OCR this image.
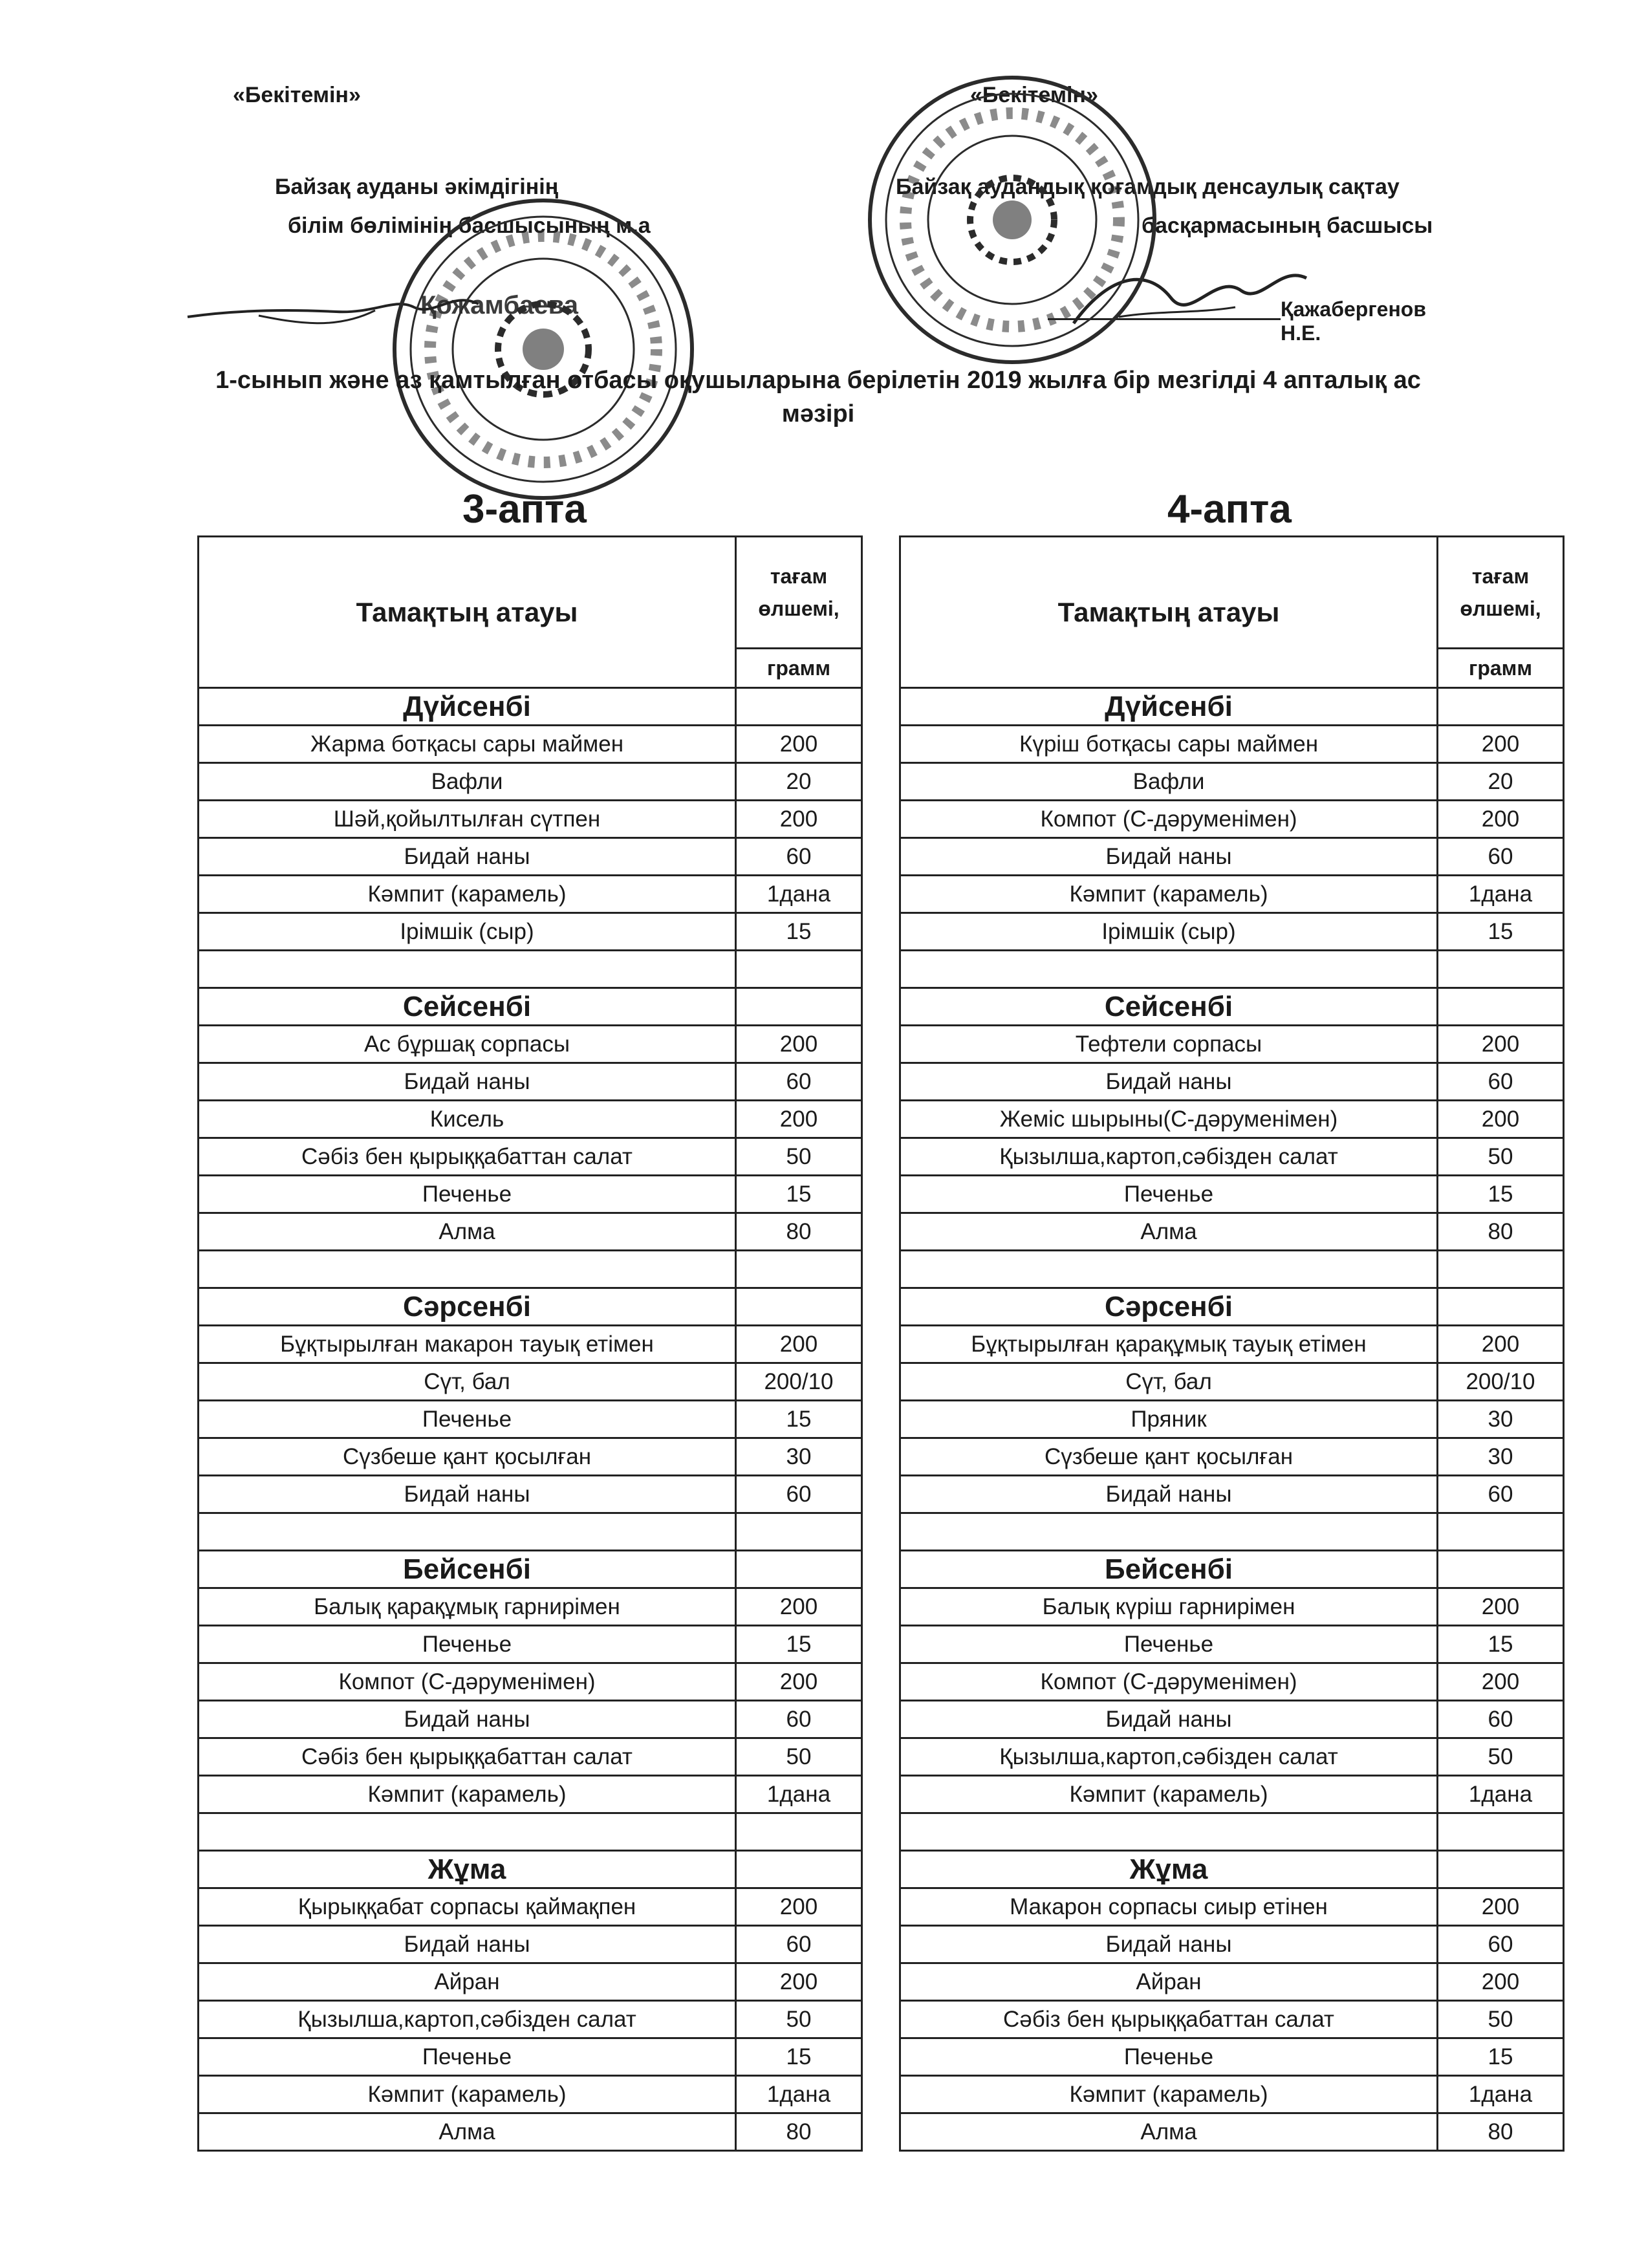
«Бекітемін»
Байзақ ауданы әкімдігінің
білім бөлімінің басшысының м.а
Қожамбаева
«Бекітемін»
Байзақ аудандық қоғамдық денсаулық сақтау
басқармасының басшысы
Қажабергенов Н.Е.
1-сынып және аз қамтылған отбасы оқушыларына берілетін 2019 жылға бір мезгілді 4 апталық ас
мәзірі
3-апта	4-апта
Тамақтың атауы	тағам өлшемі,
	грамм
Дүйсенбі	
Жарма ботқасы сары маймен	200
Вафли	20
Шәй,қойылтылған сүтпен	200
Бидай наны	60
Кәмпит (карамель)	1дана
Ірімшік (сыр)	15

Сейсенбі	
Ас бұршақ сорпасы	200
Бидай наны	60
Кисель	200
Сәбіз бен қырыққабаттан салат	50
Печенье	15
Алма	80

Сәрсенбі	
Бұқтырылған макарон тауық етімен	200
Сүт, бал	200/10
Печенье	15
Сүзбеше қант қосылған	30
Бидай наны	60

Бейсенбі	
Балық қарақұмық гарнирімен	200
Печенье	15
Компот (С-дәруменімен)	200
Бидай наны	60
Сәбіз бен қырыққабаттан салат	50
Кәмпит (карамель)	1дана

Жұма	
Қырыққабат сорпасы қаймақпен	200
Бидай наны	60
Айран	200
Қызылша,картоп,сәбізден салат	50
Печенье	15
Кәмпит (карамель)	1дана
Алма	80
Тамақтың атауы	тағам өлшемі,
	грамм
Дүйсенбі	
Күріш ботқасы сары маймен	200
Вафли	20
Компот (С-дәруменімен)	200
Бидай наны	60
Кәмпит (карамель)	1дана
Ірімшік (сыр)	15

Сейсенбі	
Тефтели сорпасы	200
Бидай наны	60
Жеміс шырыны(С-дәруменімен)	200
Қызылша,картоп,сәбізден салат	50
Печенье	15
Алма	80

Сәрсенбі	
Бұқтырылған қарақұмық тауық етімен	200
Сүт, бал	200/10
Пряник	30
Сүзбеше қант қосылған	30
Бидай наны	60

Бейсенбі	
Балық күріш гарнирімен	200
Печенье	15
Компот (С-дәруменімен)	200
Бидай наны	60
Қызылша,картоп,сәбізден салат	50
Кәмпит (карамель)	1дана

Жұма	
Макарон сорпасы сиыр етінен	200
Бидай наны	60
Айран	200
Сәбіз бен қырыққабаттан салат	50
Печенье	15
Кәмпит (карамель)	1дана
Алма	80
